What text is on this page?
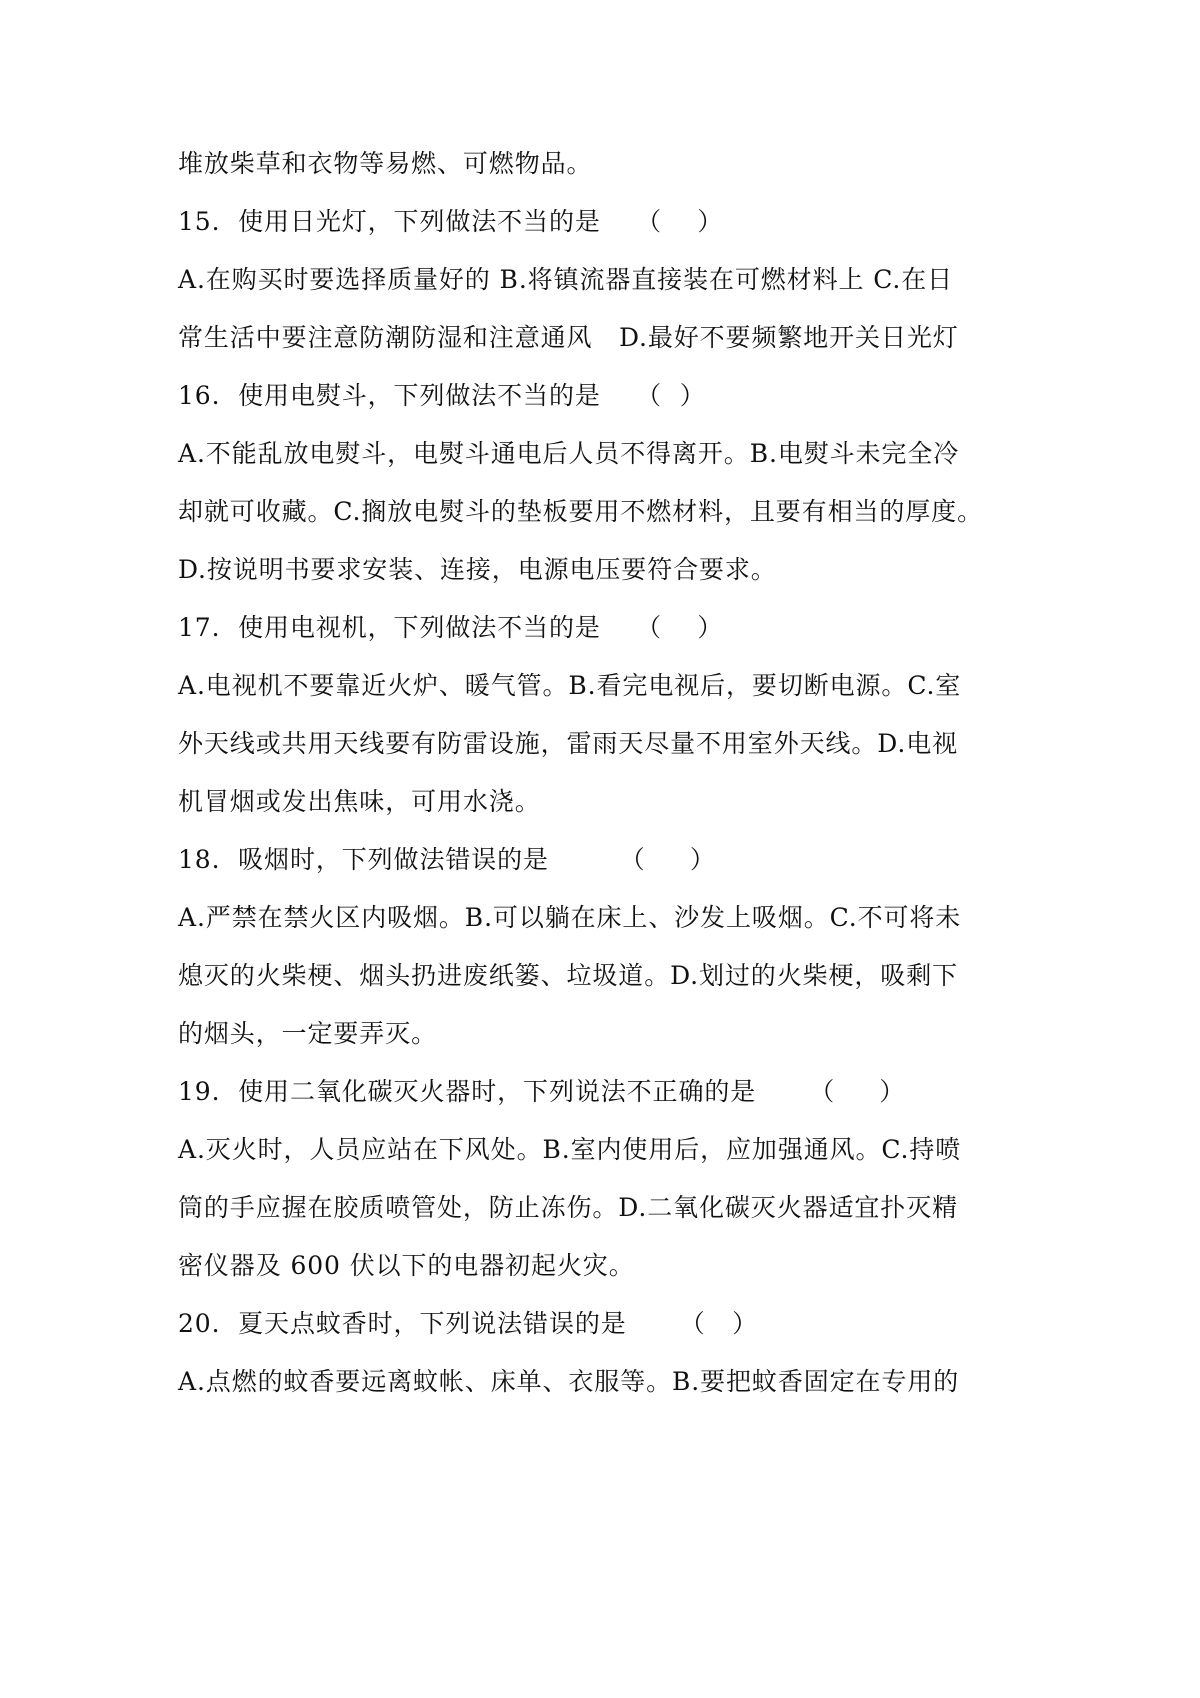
堆放柴草和衣物等易燃、可燃物品。
15.  使用日光灯，下列做法不当的是    （    ）
A.在购买时要选择质量好的 B.将镇流器直接装在可燃材料上 C.在日
常生活中要注意防潮防湿和注意通风   D.最好不要频繁地开关日光灯
16.  使用电熨斗，下列做法不当的是    （  ）
A.不能乱放电熨斗，电熨斗通电后人员不得离开。B.电熨斗未完全冷
却就可收藏。C.搁放电熨斗的垫板要用不燃材料，且要有相当的厚度。
D.按说明书要求安装、连接，电源电压要符合要求。
17.  使用电视机，下列做法不当的是    （    ）
A.电视机不要靠近火炉、暖气管。B.看完电视后，要切断电源。C.室
外天线或共用天线要有防雷设施，雷雨天尽量不用室外天线。D.电视
机冒烟或发出焦味，可用水浇。
18.  吸烟时，下列做法错误的是        （     ）
A.严禁在禁火区内吸烟。B.可以躺在床上、沙发上吸烟。C.不可将未
熄灭的火柴梗、烟头扔进废纸篓、垃圾道。D.划过的火柴梗，吸剩下
的烟头，一定要弄灭。
19.  使用二氧化碳灭火器时，下列说法不正确的是      （     ）
A.灭火时，人员应站在下风处。B.室内使用后，应加强通风。C.持喷
筒的手应握在胶质喷管处，防止冻伤。D.二氧化碳灭火器适宜扑灭精
密仪器及 600 伏以下的电器初起火灾。
20.  夏天点蚊香时，下列说法错误的是      （   ）
A.点燃的蚊香要远离蚊帐、床单、衣服等。B.要把蚊香固定在专用的
